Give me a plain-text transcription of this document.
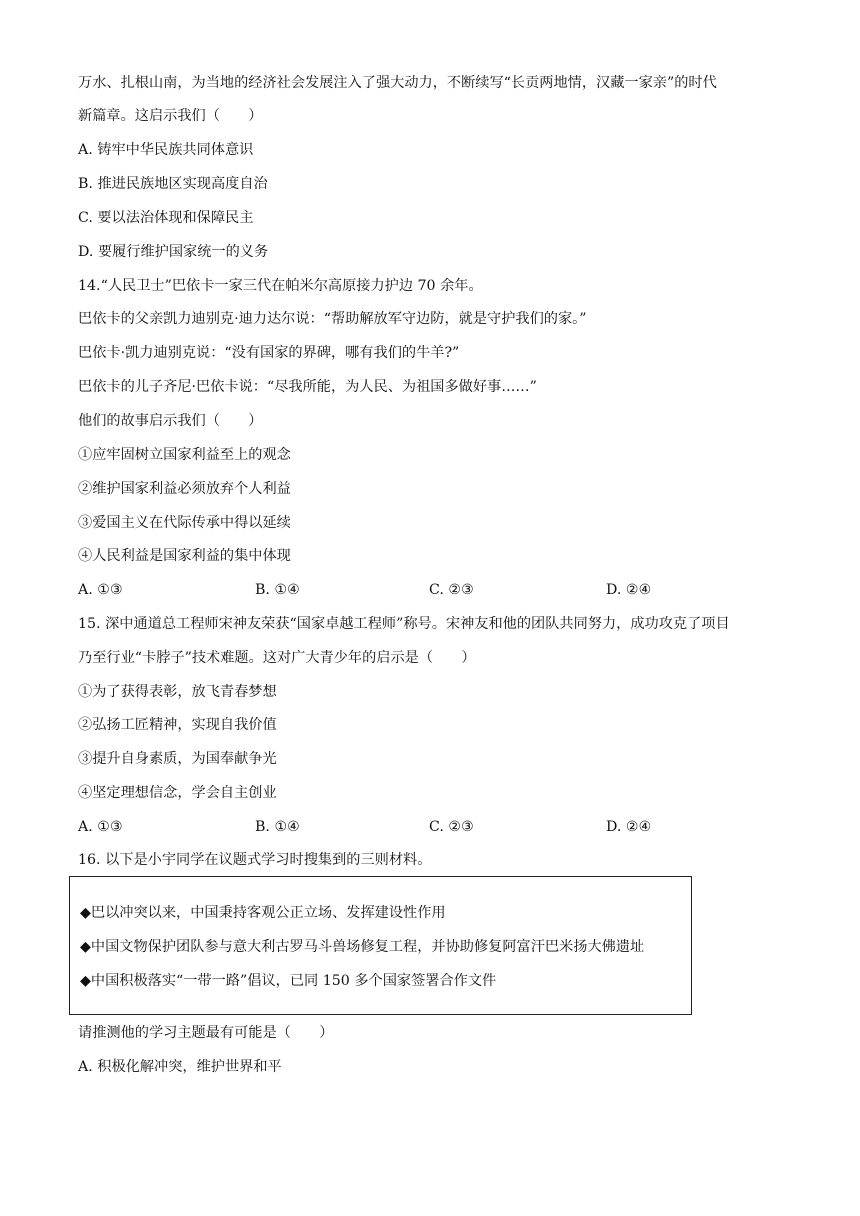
万水、扎根山南，为当地的经济社会发展注入了强大动力，不断续写“长贡两地情，汉藏一家亲”的时代
新篇章。这启示我们（　　）
A. 铸牢中华民族共同体意识
B. 推进民族地区实现高度自治
C. 要以法治体现和保障民主
D. 要履行维护国家统一的义务
14.“人民卫士”巴依卡一家三代在帕米尔高原接力护边 70 余年。
巴依卡的父亲凯力迪别克·迪力达尔说：“帮助解放军守边防，就是守护我们的家。”
巴依卡·凯力迪别克说：“没有国家的界碑，哪有我们的牛羊?”
巴依卡的儿子齐尼·巴依卡说：“尽我所能，为人民、为祖国多做好事……”
他们的故事启示我们（　　）
①应牢固树立国家利益至上的观念
②维护国家利益必须放弃个人利益
③爱国主义在代际传承中得以延续
④人民利益是国家利益的集中体现
A. ①③	B. ①④	C. ②③	D. ②④
15. 深中通道总工程师宋神友荣获“国家卓越工程师”称号。宋神友和他的团队共同努力，成功攻克了项目
乃至行业“卡脖子”技术难题。这对广大青少年的启示是（　　）
①为了获得表彰，放飞青春梦想
②弘扬工匠精神，实现自我价值
③提升自身素质，为国奉献争光
④坚定理想信念，学会自主创业
A. ①③	B. ①④	C. ②③	D. ②④
16. 以下是小宇同学在议题式学习时搜集到的三则材料。
◆巴以冲突以来，中国秉持客观公正立场、发挥建设性作用
◆中国文物保护团队参与意大利古罗马斗兽场修复工程，并协助修复阿富汗巴米扬大佛遗址
◆中国积极落实“一带一路”倡议，已同 150 多个国家签署合作文件
请推测他的学习主题最有可能是（　　）
A. 积极化解冲突，维护世界和平
